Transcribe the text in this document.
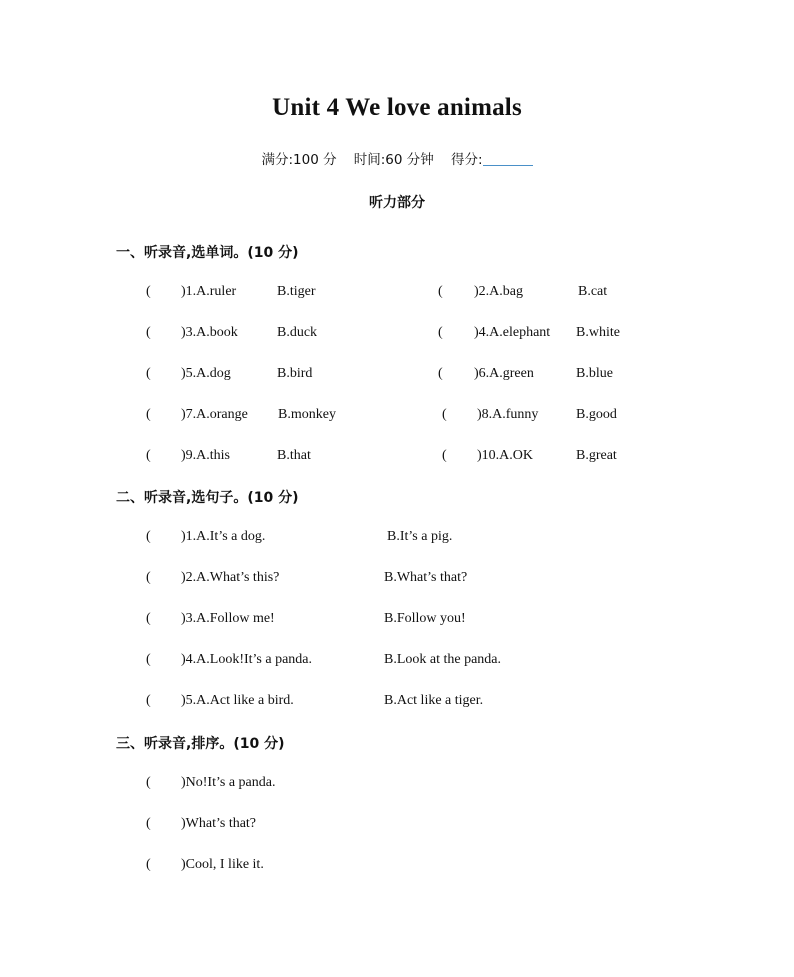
Unit 4 We love animals
满分:100 分 时间:60 分钟 得分:
听力部分
一、听录音,选单词。(10 分)
( )1.A.ruler	B.tiger	( )2.A.bag	B.cat
( )3.A.book	B.duck	( )4.A.elephant B.white
( )5.A.dog	B.bird	( )6.A.green	B.blue
( )7.A.orange B.monkey	( )8.A.funny	B.good
( )9.A.this	B.that	( )10.A.OK	B.great
二、听录音,选句子。(10 分)
( )1.A.It’s a dog.	B.It’s a pig.
( )2.A.What’s this?	B.What’s that?
( )3.A.Follow me!	B.Follow you!
( )4.A.Look!It’s a panda.	B.Look at the panda.
( )5.A.Act like a bird.	B.Act like a tiger.
三、听录音,排序。(10 分)
( )No!It’s a panda.
( )What’s that?
( )Cool, I like it.
